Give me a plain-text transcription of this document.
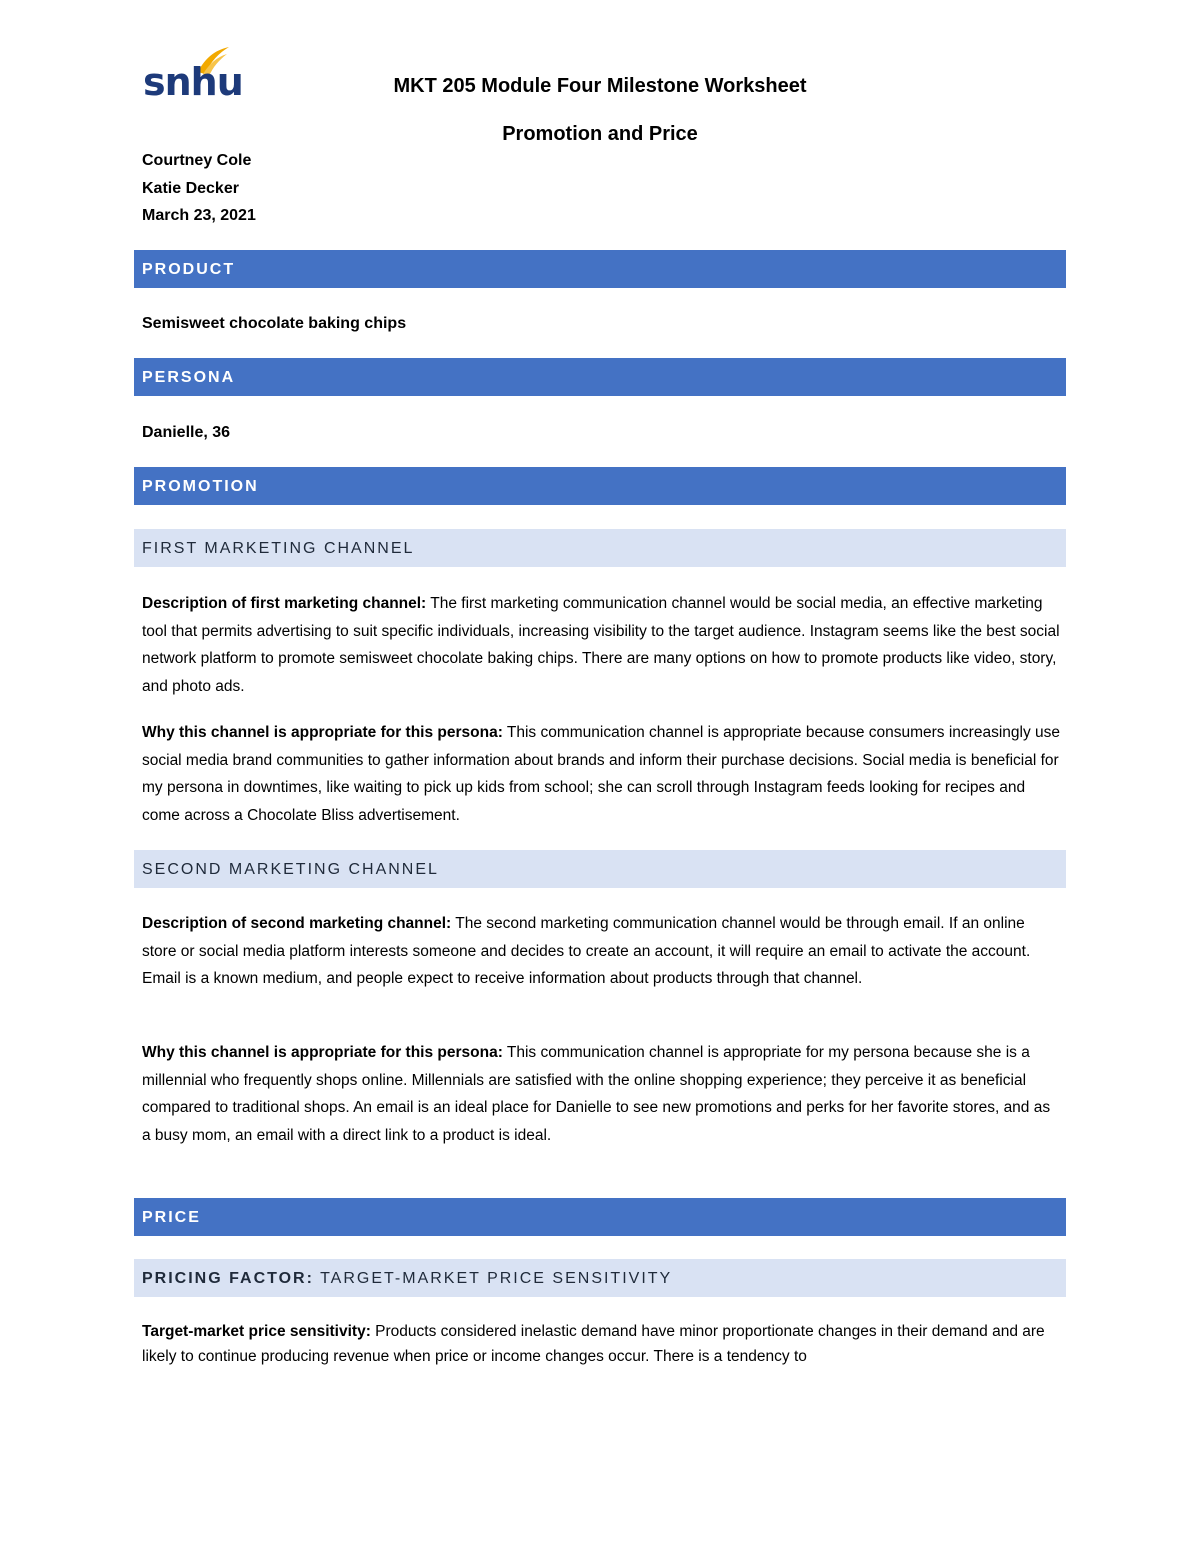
snhu	MKT 205 Module Four Milestone Worksheet
Promotion and Price
Courtney Cole
Katie Decker
March 23, 2021
PRODUCT
Semisweet chocolate baking chips
PERSONA
Danielle, 36
PROMOTION
FIRST MARKETING CHANNEL
Description of first marketing channel: The first marketing communication channel would be social media, an effective marketing tool that permits advertising to suit specific individuals, increasing visibility to the target audience. Instagram seems like the best social network platform to promote semisweet chocolate baking chips. There are many options on how to promote products like video, story, and photo ads.
Why this channel is appropriate for this persona: This communication channel is appropriate because consumers increasingly use social media brand communities to gather information about brands and inform their purchase decisions. Social media is beneficial for my persona in downtimes, like waiting to pick up kids from school; she can scroll through Instagram feeds looking for recipes and come across a Chocolate Bliss advertisement.
SECOND MARKETING CHANNEL
Description of second marketing channel: The second marketing communication channel would be through email. If an online store or social media platform interests someone and decides to create an account, it will require an email to activate the account. Email is a known medium, and people expect to receive information about products through that channel.
Why this channel is appropriate for this persona: This communication channel is appropriate for my persona because she is a millennial who frequently shops online. Millennials are satisfied with the online shopping experience; they perceive it as beneficial compared to traditional shops. An email is an ideal place for Danielle to see new promotions and perks for her favorite stores, and as a busy mom, an email with a direct link to a product is ideal.
PRICE
PRICING FACTOR: TARGET-MARKET PRICE SENSITIVITY
Target-market price sensitivity: Products considered inelastic demand have minor proportionate changes in their demand and are likely to continue producing revenue when price or income changes occur. There is a tendency to
